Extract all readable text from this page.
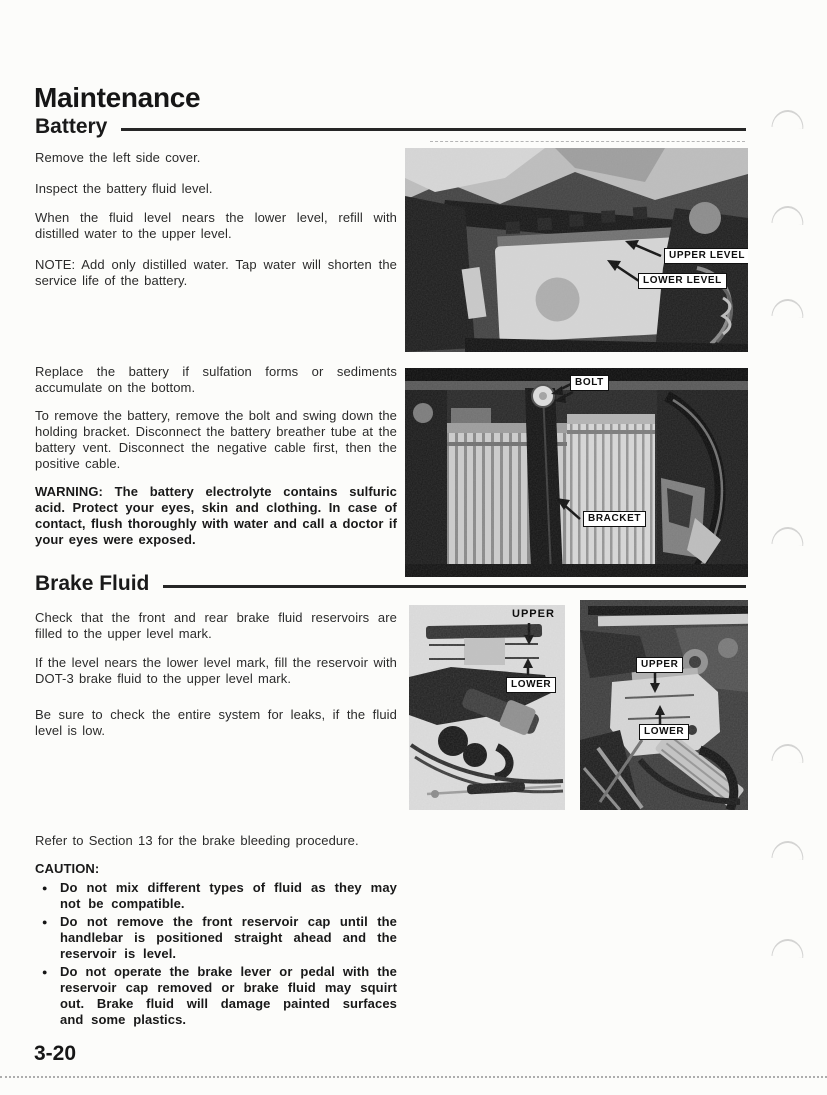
Maintenance
Battery
Remove the left side cover.
Inspect the battery fluid level.
When the fluid level nears the lower level, refill with distilled water to the upper level.
NOTE: Add only distilled water. Tap water will shorten the service life of the battery.
Replace the battery if sulfation forms or sediments accumulate on the bottom.
To remove the battery, remove the bolt and swing down the holding bracket. Disconnect the battery breather tube at the battery vent. Disconnect the negative cable first, then the positive cable.
WARNING: The battery electrolyte contains sulfuric acid. Protect your eyes, skin and clothing. In case of contact, flush thoroughly with water and call a doctor if your eyes were exposed.
UPPER LEVEL
LOWER LEVEL
BOLT
BRACKET
Brake Fluid
Check that the front and rear brake fluid reservoirs are filled to the upper level mark.
If the level nears the lower level mark, fill the reservoir with DOT-3 brake fluid to the upper level mark.
Be sure to check the entire system for leaks, if the fluid level is low.
Refer to Section 13 for the brake bleeding procedure.
CAUTION:
● Do not mix different types of fluid as they may not be compatible.
● Do not remove the front reservoir cap until the handlebar is positioned straight ahead and the reservoir is level.
● Do not operate the brake lever or pedal with the reservoir cap removed or brake fluid may squirt out. Brake fluid will damage painted surfaces and some plastics.
UPPER
LOWER
UPPER
LOWER
3-20
